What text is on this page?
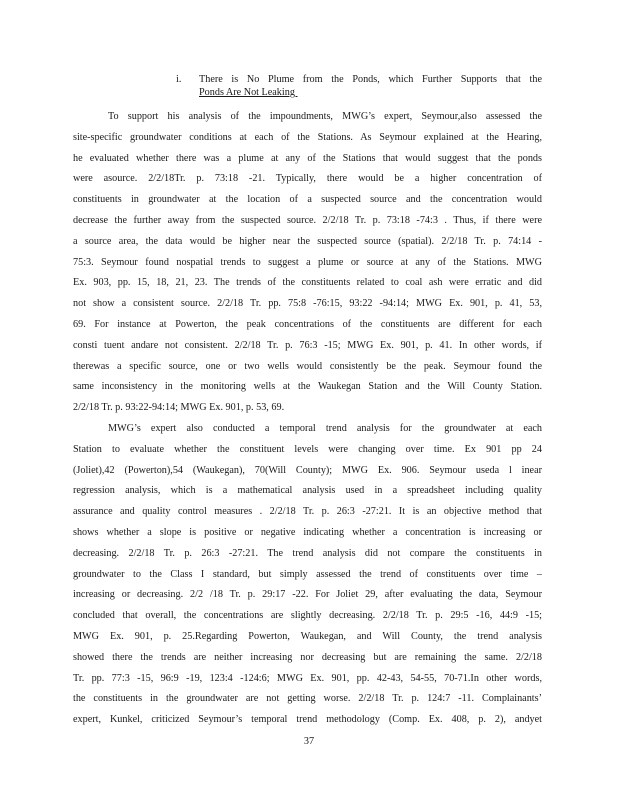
i. There is No Plume from the Ponds, which Further Supports that the
Ponds Are Not Leaking
To support his analysis of the impoundments, MWG’s expert, Seymour,also assessed the
site-specific groundwater conditions at each of the Stations. As Seymour explained at the Hearing,
he evaluated whether there was a plume at any of the Stations that would suggest that the ponds
were asource. 2/2/18Tr. p. 73:18 -21. Typically, there would be a higher concentration of
constituents in groundwater at the location of a suspected source and the concentration would
decrease the further away from the suspected source. 2/2/18 Tr. p. 73:18 -74:3 . Thus, if there were
a source area, the data would be higher near the suspected source (spatial). 2/2/18 Tr. p. 74:14 -
75:3. Seymour found nospatial trends to suggest a plume or source at any of the Stations. MWG
Ex. 903, pp. 15, 18, 21, 23. The trends of the constituents related to coal ash were erratic and did
not show a consistent source. 2/2/18 Tr. pp. 75:8 -76:15, 93:22 -94:14; MWG Ex. 901, p. 41, 53,
69. For instance at Powerton, the peak concentrations of the constituents are different for each
consti tuent andare not consistent. 2/2/18 Tr. p. 76:3 -15; MWG Ex. 901, p. 41. In other words, if
therewas a specific source, one or two wells would consistently be the peak. Seymour found the
same inconsistency in the monitoring wells at the Waukegan Station and the Will County Station.
2/2/18 Tr. p. 93:22-94:14; MWG Ex. 901, p. 53, 69.
MWG’s expert also conducted a temporal trend analysis for the groundwater at each
Station to evaluate whether the constituent levels were changing over time. Ex 901 pp 24
(Joliet),42 (Powerton),54 (Waukegan), 70(Will County); MWG Ex. 906. Seymour useda l inear
regression analysis, which is a mathematical analysis used in a spreadsheet including quality
assurance and quality control measures . 2/2/18 Tr. p. 26:3 -27:21. It is an objective method that
shows whether a slope is positive or negative indicating whether a concentration is increasing or
decreasing. 2/2/18 Tr. p. 26:3 -27:21. The trend analysis did not compare the constituents in
groundwater to the Class I standard, but simply assessed the trend of constituents over time –
increasing or decreasing. 2/2 /18 Tr. p. 29:17 -22. For Joliet 29, after evaluating the data, Seymour
concluded that overall, the concentrations are slightly decreasing. 2/2/18 Tr. p. 29:5 -16, 44:9 -15;
MWG Ex. 901, p. 25.Regarding Powerton, Waukegan, and Will County, the trend analysis
showed there the trends are neither increasing nor decreasing but are remaining the same. 2/2/18
Tr. pp. 77:3 -15, 96:9 -19, 123:4 -124:6; MWG Ex. 901, pp. 42-43, 54-55, 70-71.In other words,
the constituents in the groundwater are not getting worse. 2/2/18 Tr. p. 124:7 -11. Complainants’
expert, Kunkel, criticized Seymour’s temporal trend methodology (Comp. Ex. 408, p. 2), andyet
37
